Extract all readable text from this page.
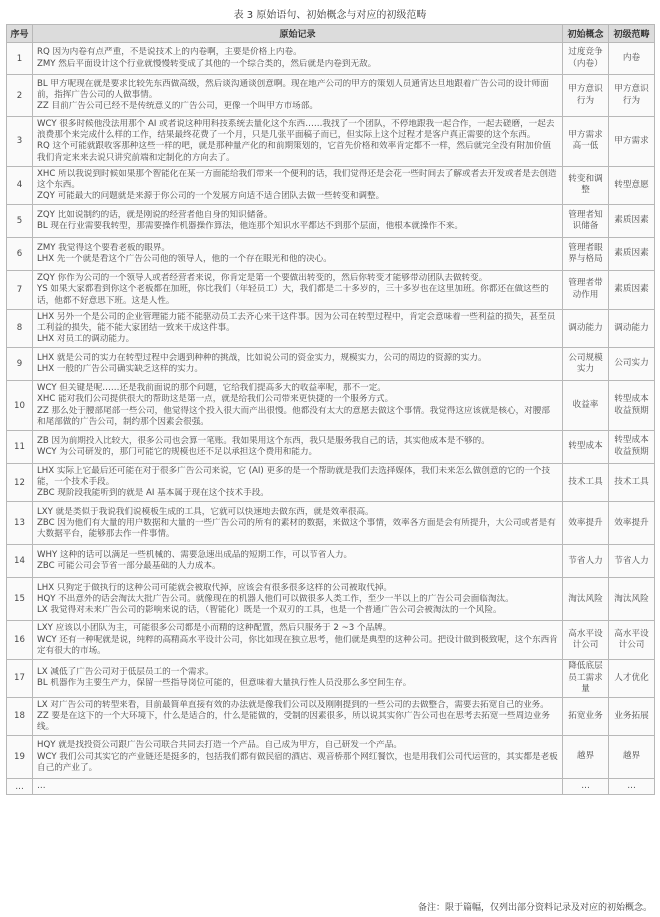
表 3 原始语句、初始概念与对应的初级范畴
序号	原始记录	初始概念	初级范畴
1	RQ 因为内卷有点严重，不是说技术上的内卷啊，主要是价格上内卷。
ZMY 然后平面设计这个行业就慢慢转变成了其他的一个综合类的，然后就是内卷到无敌。	过度竞争（内卷）	内卷
2	BL 甲方呢现在就是要求比较先东西做高级，然后谈沟通谈创意啊。现在地产公司的甲方的策划人员通宵达旦地跟着广告公司的设计师面前，指挥广告公司的人做事情。
ZZ 目前广告公司已经不是传统意义的广告公司，更像一个叫甲方市场部。	甲方意识行为	甲方意识行为
3	WCY 很多时候他没法用那个 AI 或者说这种用科技系统去量化这个东西……我找了一个团队，不停地跟我一起合作，一起去磋磨，一起去浪费那个来完成什么样的工作，结果最终花费了一个月，只是几张平面稿子而已，但实际上这个过程才是客户真正需要的这个东西。
RQ 这个可能就跟收客那种这些一样的吧，就是那种量产化的和前期策划的，它首先价格和效率肯定都不一样，然后就完全没有附加价值我们肯定来来去说只讲究前端和定制化的方向去了。	甲方需求高一低	甲方需求
4	XHC 所以我说到时候如果那个智能化在某一方面能给我们带来一个便利的话，我们觉得还是会花一些时间去了解或者去开发或者是去创造这个东西。
ZQY 可能最大的问题就是来源于你公司的一个发展方向适不适合团队去做一些转变和调整。	转变和调整	转型意愿
5	ZQY 比如说制约的话，就是刚说的经营者他自身的知识储备。
BL 现在行业需要我转型，那需要操作机器操作算法，他连那个知识水平都达不到那个层面，他根本就操作不来。	管理者知识储备	素质因素
6	ZMY 我觉得这个要看老板的眼界。
LHX 先一个就是看这个广告公司他的领导人，他的一个存在眼光和他的决心。	管理者眼界与格局	素质因素
7	ZQY 你作为公司的一个领导人或者经营者来说，你肯定是第一个要做出转变的，然后你转变才能够带动团队去做转变。
YS 如果大家都看到你这个老板都在加班，你比我们（年轻员工）大，我们都是二十多岁的，三十多岁也在这里加班。你都还在做这些的话，他都不好意思下班。这是人性。	管理者带动作用	素质因素
8	LHX 另外一个是公司的企业管理能力能不能驱动员工去齐心来干这件事。因为公司在转型过程中，肯定会意味着一些利益的损失，甚至员工利益的损失，能不能大家团结一致来干成这件事。
LHX 对员工的调动能力。	调动能力	调动能力
9	LHX 就是公司的实力在转型过程中会遇到种种的挑战，比如说公司的资金实力，规模实力，公司的周边的资源的实力。
LHX 一般的广告公司确实缺乏这样的实力。	公司规模实力	公司实力
10	WCY 但关键是呢……还是我前面说的那个问题，它给我们提高多大的收益率呢，那不一定。
XHC 能对我们公司提供很大的帮助这是第一点，就是给我们公司带来更快捷的一个服务方式。
ZZ 那么处于腰部尾部一些公司，他觉得这个投入很大而产出很慢。他都没有太大的意愿去做这个事情。我觉得这应该就是核心，对腰部和尾部做的广告公司，制约那个因素会很强。	收益率	转型成本收益预期
11	ZB 因为前期投入比较大，很多公司也会算一笔账。我如果用这个东西，我只是服务我自己的话，其实他成本是不够的。
WCY 为公司研发的，那门可能它的规模也还不足以承担这个费用和能力。	转型成本	转型成本收益预期
12	LHX 实际上它最后还可能在对于很多广告公司来说，它 (AI) 更多的是一个帮助就是我们去选择媒体，我们未来怎么做创意的它的一个技能，一个技术手段。
ZBC 现阶段我能听到的就是 AI 基本属于现在这个技术手段。	技术工具	技术工具
13	LXY 就是类似于我说我们说模板生成的工具，它就可以快速地去做东西，就是效率很高。
ZBC 因为他们有大量的用户数据和大量的一些广告公司的所有的素材的数据，来做这个事情，效率各方面是会有所提升，大公司或者是有大数据平台，能够那去作一件事情。	效率提升	效率提升
14	WHY 这种的话可以满足一些机械的、需要急速出成品的短期工作，可以节省人力。
ZBC 可能公司会节省一部分最基础的人力成本。	节省人力	节省人力
15	LHX 只狗定于做执行的这种公司可能就会被取代掉，应该会有很多很多这样的公司被取代掉。
HQY 不出意外的话会淘汰大批广告公司。就像现在的机器人他们可以做很多人类工作，至少一半以上的广告公司会面临淘汰。
LX 我觉得对未来广告公司的影响来说的话，（智能化）既是一个双刃的工具，也是一个普通广告公司会被淘汰的一个风险。	淘汰风险	淘汰风险
16	LXY 应该以小团队为主，可能很多公司都是小而精的这种配置，然后只服务于 2 ~3 个品牌。
WCY 还有一种呢就是说，纯粹的高精高水平设计公司，你比如现在独立思考，他们就是典型的这种公司。把设计做到极致呢，这个东西肯定有很大的市场。	高水平设计公司	高水平设计公司
17	LX 减低了广告公司对于低层员工的一个需求。
BL 机器作为主要生产力，保留一些指导岗位可能的，但意味着大量执行性人员没那么多空间生存。	降低底层员工需求量	人才优化
18	LX 对广告公司的转型来看，目前最简单直接有效的办法就是像我们公司以及刚刚提到的一些公司的去做整合，需要去拓宽自己的业务。
ZZ 要是在这下的一个大环境下，什么是适合的，什么是能做的，受制的因素很多，所以说其实你广告公司也在思考去拓宽一些周边业务线。	拓宽业务	业务拓展
19	HQY 就是找投资公司跟广告公司联合共同去打造一个产品。自己成为甲方，自己研发一个产品。
WCY 我们公司其实它的产业链还是挺多的，包括我们都有做民宿的酒店、观音桥那个网红餐饮，也是用我们公司代运营的，其实都是老板自己的产业了。	越界	越界
…	…	…	…
备注：限于篇幅，仅列出部分资料记录及对应的初始概念。
